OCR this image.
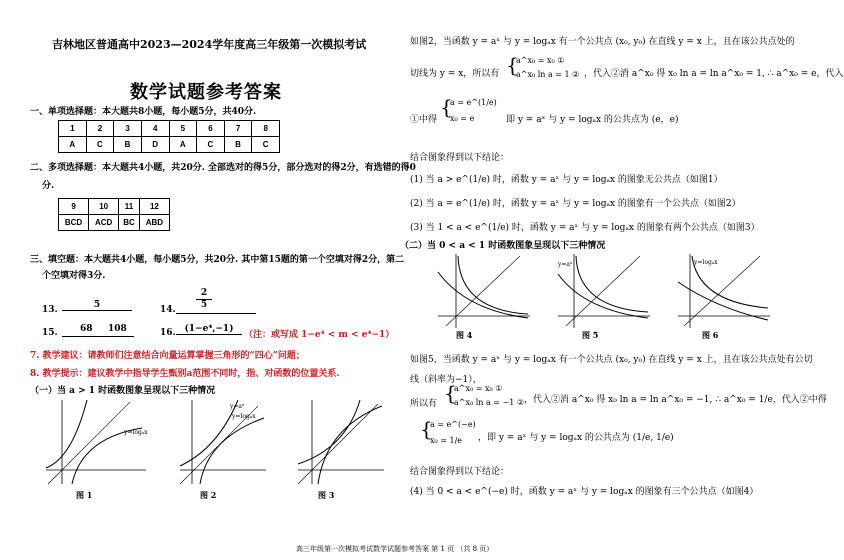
吉林地区普通高中2023—2024学年度高三年级第一次模拟考试
数学试题参考答案
一、单项选择题：本大题共8小题，每小题5分，共40分.
1	2	3	4	5	6	7	8
A	C	B	D	A	C	B	C
二、多项选择题：本大题共4小题，共20分. 全部选对的得5分，部分选对的得2分，有选错的得0
分.
9	10	11	12
BCD	ACD	BC	ABD
三、填空题：本大题共4小题，每小题5分，共20分. 其中第15题的第一个空填对得2分，第二
个空填对得3分.
13.	5	14.
2
5
15. 68 108	16. (1−e⁴,−1)
（注：或写成 1−e⁴ < m < e⁴−1）
7. 教学建议：请教师们注意结合向量运算掌握三角形的“四心”问题；
8. 教学提示：建议教学中指导学生甄别a范围不同时，指、对函数的位置关系.
（一）当 a > 1 时函数图象呈现以下三种情况
y=logₐx
图 1
y=aˣ
y=logₐx
图 2	图 3
如图2，当函数 y = aˣ 与 y = logₐx 有一个公共点 (x₀, y₀) 在直线 y = x 上，且在该公共点处的
切线为 y = x，所以有 {
a^x₀ = x₀ ①
a^x₀ ln a = 1 ② ，代入②消 a^x₀ 得 x₀ ln a = ln a^x₀ = 1, ∴ a^x₀ = e，代入
①中得
{
a = e^(1/e)
x₀ = e	即 y = aˣ 与 y = logₐx 的公共点为 (e，e)
结合图象得到以下结论：
(1) 当 a > e^(1/e) 时，函数 y = aˣ 与 y = logₐx 的图象无公共点（如图1）
(2) 当 a = e^(1/e) 时，函数 y = aˣ 与 y = logₐx 的图象有一个公共点（如图2）
(3) 当 1 < a < e^(1/e) 时，函数 y = aˣ 与 y = logₐx 的图象有两个公共点（如图3）
（二）当 0 < a < 1 时函数图象呈现以下三种情况
图 4
y=aˣ
图 5
y=logₐx
图 6
如图5，当函数 y = aˣ 与 y = logₐx 有一个公共点 (x₀, y₀) 在直线 y = x 上，且在该公共点处有公切
线（斜率为−1），
所以有 {
a^x₀ = x₀ ①
a^x₀ ln a = −1 ② ，代入②消 a^x₀ 得 x₀ ln a = ln a^x₀ = −1, ∴ a^x₀ = 1/e，代入②中得
{
a = e^(−e)
x₀ = 1/e ，即 y = aˣ 与 y = logₐx 的公共点为 (1/e, 1/e)
结合图象得到以下结论：
(4) 当 0 < a < e^(−e) 时，函数 y = aˣ 与 y = logₐx 的图象有三个公共点（如图4）
高三年级第一次模拟考试数学试题参考答案 第 1 页 （共 8 页）
